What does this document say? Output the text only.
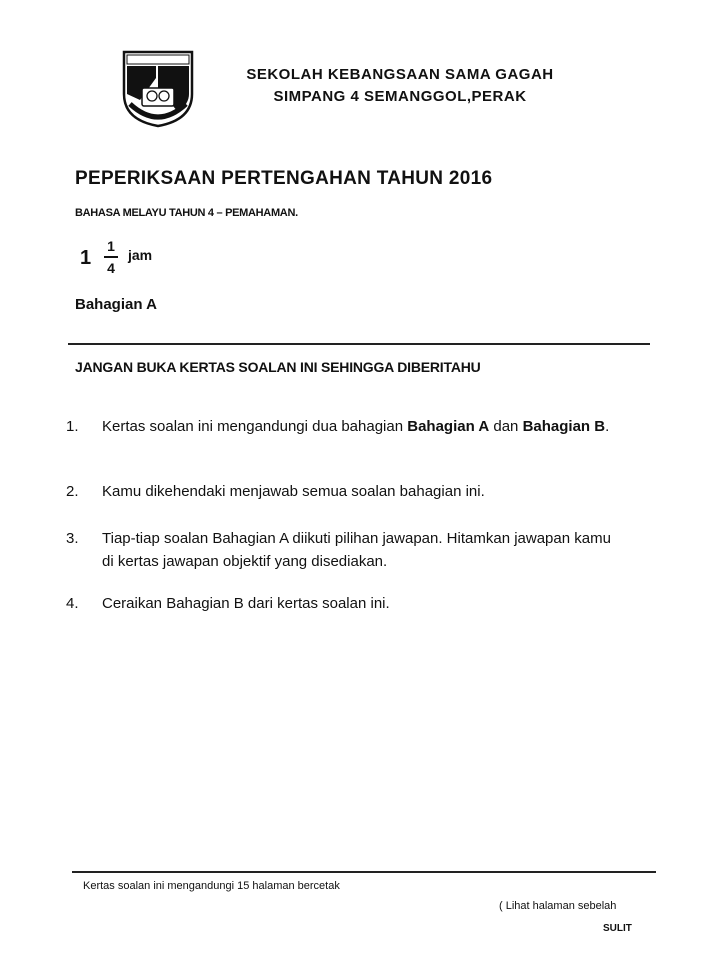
SEKOLAH KEBANGSAAN SAMA GAGAH
SIMPANG 4 SEMANGGOL,PERAK
PEPERIKSAAN PERTENGAHAN TAHUN 2016
BAHASA MELAYU TAHUN 4 – PEMAHAMAN.
1
1
4
jam
Bahagian A
JANGAN BUKA KERTAS SOALAN INI SEHINGGA DIBERITAHU
1. Kertas soalan ini mengandungi dua bahagian Bahagian A dan Bahagian B.
2. Kamu dikehendaki menjawab semua soalan bahagian ini.
3. Tiap-tiap soalan Bahagian A diikuti pilihan jawapan. Hitamkan jawapan kamu di kertas jawapan objektif yang disediakan.
4. Ceraikan Bahagian B dari kertas soalan ini.
Kertas soalan ini mengandungi 15 halaman bercetak
( Lihat halaman sebelah
SULIT
